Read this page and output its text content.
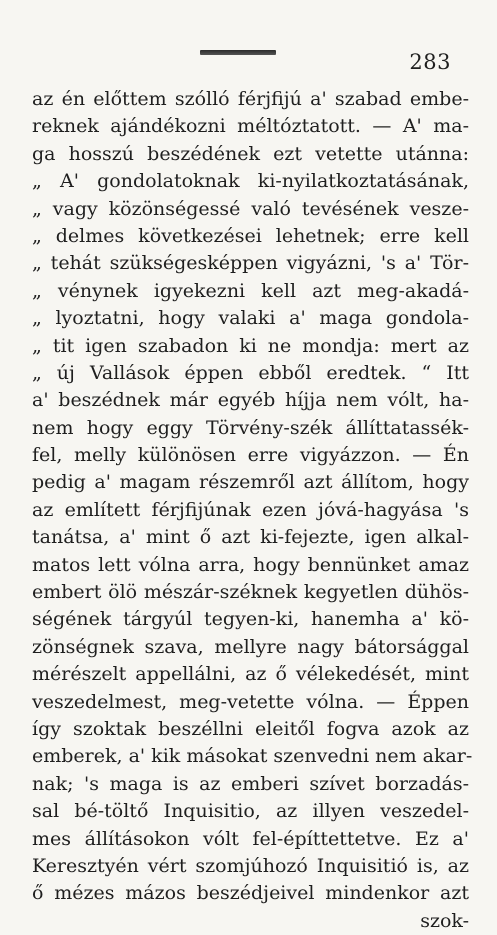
283
az én előttem szólló férjfijú a' szabad embe-
reknek ajándékozni méltóztatott. — A' ma-
ga hosszú beszédének ezt vetette utánna:
„ A' gondolatoknak ki-nyilatkoztatásának,
„ vagy közönségessé való tevésének vesze-
„ delmes következései lehetnek; erre kell
„ tehát szükségesképpen vigyázni, 's a' Tör-
„ vénynek igyekezni kell azt meg-akadá-
„ lyoztatni, hogy valaki a' maga gondola-
„ tit igen szabadon ki ne mondja: mert az
„ új Vallások éppen ebből eredtek. “ Itt
a' beszédnek már egyéb híjja nem vólt, ha-
nem hogy eggy Törvény-szék állíttatassék-
fel, melly különösen erre vigyázzon. — Én
pedig a' magam részemről azt állítom, hogy
az említett férjfijúnak ezen jóvá-hagyása 's
tanátsa, a' mint ő azt ki-fejezte, igen alkal-
matos lett vólna arra, hogy bennünket amaz
embert ölö mészár-széknek kegyetlen dühös-
ségének tárgyúl tegyen-ki, hanemha a' kö-
zönségnek szava, mellyre nagy bátorsággal
mérészelt appellálni, az ő vélekedését, mint
veszedelmest, meg-vetette vólna. — Éppen
így szoktak beszéllni eleitől fogva azok az
emberek, a' kik másokat szenvedni nem akar-
nak; 's maga is az emberi szívet borzadás-
sal bé-töltő Inquisitio, az illyen veszedel-
mes állításokon vólt fel-építtettetve. Ez a'
Keresztyén vért szomjúhozó Inquisitió is, az
ő mézes mázos beszédjeivel mindenkor azt
szok-
